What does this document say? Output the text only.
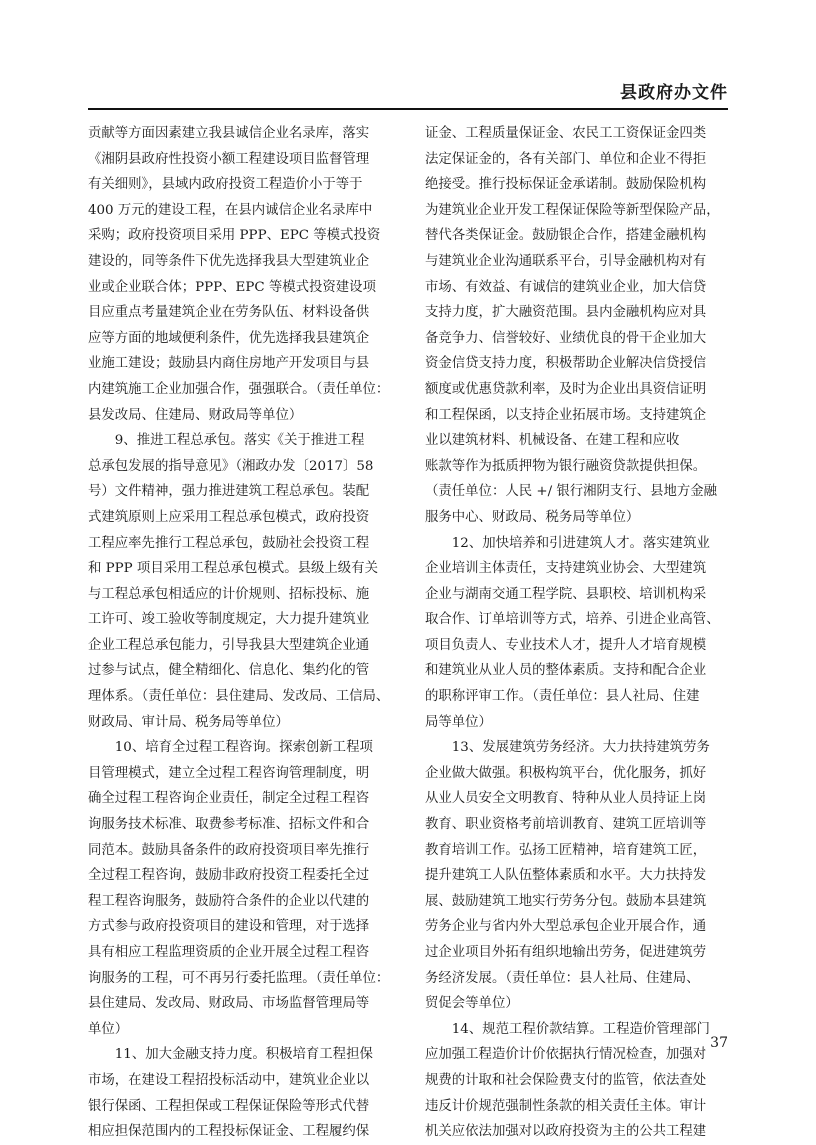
县政府办文件
贡献等方面因素建立我县诚信企业名录库，落实
《湘阴县政府性投资小额工程建设项目监督管理
有关细则》，县域内政府投资工程造价小于等于
400 万元的建设工程，在县内诚信企业名录库中
采购；政府投资项目采用 PPP、EPC 等模式投资
建设的，同等条件下优先选择我县大型建筑业企
业或企业联合体；PPP、EPC 等模式投资建设项
目应重点考量建筑企业在劳务队伍、材料设备供
应等方面的地域便利条件，优先选择我县建筑企
业施工建设；鼓励县内商住房地产开发项目与县
内建筑施工企业加强合作，强强联合。（责任单位：
县发改局、住建局、财政局等单位）
　　9、推进工程总承包。落实《关于推进工程
总承包发展的指导意见》（湘政办发〔2017〕58
号）文件精神，强力推进建筑工程总承包。装配
式建筑原则上应采用工程总承包模式，政府投资
工程应率先推行工程总承包，鼓励社会投资工程
和 PPP 项目采用工程总承包模式。县级上级有关
与工程总承包相适应的计价规则、招标投标、施
工许可、竣工验收等制度规定，大力提升建筑业
企业工程总承包能力，引导我县大型建筑企业通
过参与试点，健全精细化、信息化、集约化的管
理体系。（责任单位：县住建局、发改局、工信局、
财政局、审计局、税务局等单位）
　　10、培育全过程工程咨询。探索创新工程项
目管理模式，建立全过程工程咨询管理制度，明
确全过程工程咨询企业责任，制定全过程工程咨
询服务技术标准、取费参考标准、招标文件和合
同范本。鼓励具备条件的政府投资项目率先推行
全过程工程咨询，鼓励非政府投资工程委托全过
程工程咨询服务，鼓励符合条件的企业以代建的
方式参与政府投资项目的建设和管理，对于选择
具有相应工程监理资质的企业开展全过程工程咨
询服务的工程，可不再另行委托监理。（责任单位：
县住建局、发改局、财政局、市场监督管理局等
单位）
　　11、加大金融支持力度。积极培育工程担保
市场，在建设工程招投标活动中，建筑业企业以
银行保函、工程担保或工程保证保险等形式代替
相应担保范围内的工程投标保证金、工程履约保
证金、工程质量保证金、农民工工资保证金四类
法定保证金的，各有关部门、单位和企业不得拒
绝接受。推行投标保证金承诺制。鼓励保险机构
为建筑业企业开发工程保证保险等新型保险产品，
替代各类保证金。鼓励银企合作，搭建金融机构
与建筑业企业沟通联系平台，引导金融机构对有
市场、有效益、有诚信的建筑业企业，加大信贷
支持力度，扩大融资范围。县内金融机构应对具
备竞争力、信誉较好、业绩优良的骨干企业加大
资金信贷支持力度，积极帮助企业解决信贷授信
额度或优惠贷款利率，及时为企业出具资信证明
和工程保函，以支持企业拓展市场。支持建筑企
业以建筑材料、机械设备、在建工程和应收
账款等作为抵质押物为银行融资贷款提供担保。
（责任单位：人民 +/ 银行湘阴支行、县地方金融
服务中心、财政局、税务局等单位）
　　12、加快培养和引进建筑人才。落实建筑业
企业培训主体责任，支持建筑业协会、大型建筑
企业与湖南交通工程学院、县职校、培训机构采
取合作、订单培训等方式，培养、引进企业高管、
项目负责人、专业技术人才，提升人才培育规模
和建筑业从业人员的整体素质。支持和配合企业
的职称评审工作。（责任单位：县人社局、住建
局等单位）
　　13、发展建筑劳务经济。大力扶持建筑劳务
企业做大做强。积极构筑平台，优化服务，抓好
从业人员安全文明教育、特种从业人员持证上岗
教育、职业资格考前培训教育、建筑工匠培训等
教育培训工作。弘扬工匠精神，培育建筑工匠，
提升建筑工人队伍整体素质和水平。大力扶持发
展、鼓励建筑工地实行劳务分包。鼓励本县建筑
劳务企业与省内外大型总承包企业开展合作，通
过企业项目外拓有组织地输出劳务，促进建筑劳
务经济发展。（责任单位：县人社局、住建局、
贸促会等单位）
　　14、规范工程价款结算。工程造价管理部门
应加强工程造价计价依据执行情况检查，加强对
规费的计取和社会保险费支付的监管，依法查处
违反计价规范强制性条款的相关责任主体。审计
机关应依法加强对以政府投资为主的公共工程建
37
